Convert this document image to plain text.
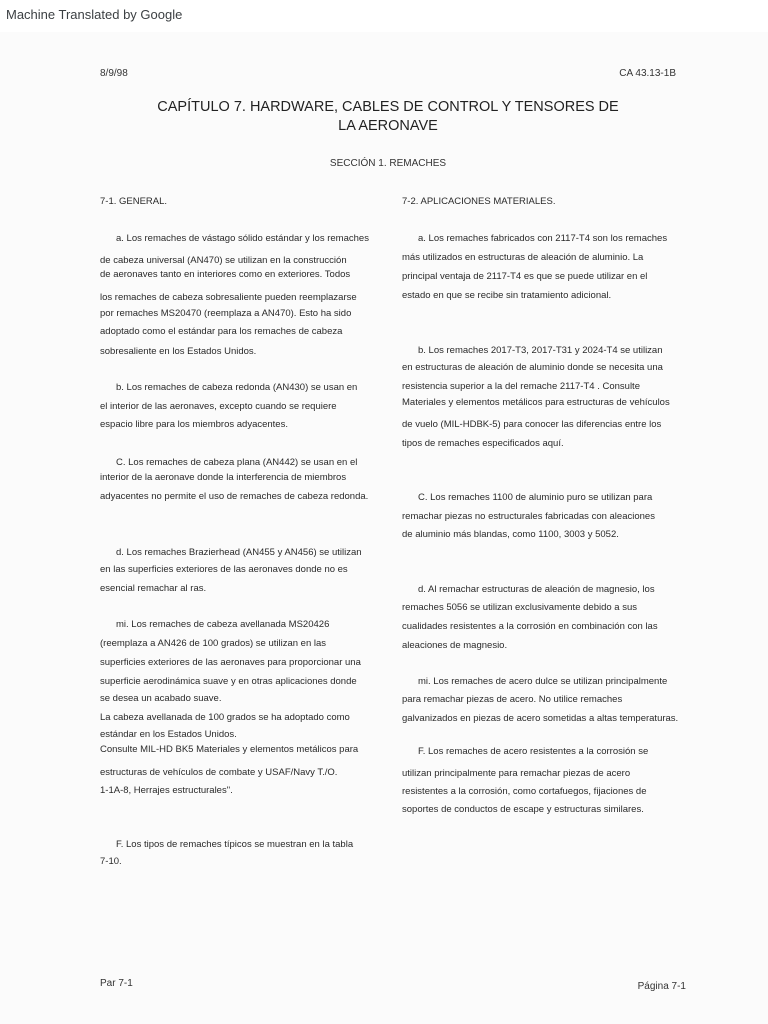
Machine Translated by Google
8/9/98	CA 43.13-1B
CAPÍTULO 7. HARDWARE, CABLES DE CONTROL Y TENSORES DE
LA AERONAVE
SECCIÓN 1. REMACHES
7-1. GENERAL.
a. Los remaches de vástago sólido estándar y los remaches
de cabeza universal (AN470) se utilizan en la construcción
de aeronaves tanto en interiores como en exteriores. Todos
los remaches de cabeza sobresaliente pueden reemplazarse
por remaches MS20470 (reemplaza a AN470). Esto ha sido
adoptado como el estándar para los remaches de cabeza
sobresaliente en los Estados Unidos.
b. Los remaches de cabeza redonda (AN430) se usan en
el interior de las aeronaves, excepto cuando se requiere
espacio libre para los miembros adyacentes.
C. Los remaches de cabeza plana (AN442) se usan en el
interior de la aeronave donde la interferencia de miembros
adyacentes no permite el uso de remaches de cabeza redonda.
d. Los remaches Brazierhead (AN455 y AN456) se utilizan
en las superficies exteriores de las aeronaves donde no es
esencial remachar al ras.
mi. Los remaches de cabeza avellanada MS20426
(reemplaza a AN426 de 100 grados) se utilizan en las
superficies exteriores de las aeronaves para proporcionar una
superficie aerodinámica suave y en otras aplicaciones donde
se desea un acabado suave.
La cabeza avellanada de 100 grados se ha adoptado como
estándar en los Estados Unidos.
Consulte MIL-HD BK5 Materiales y elementos metálicos para
estructuras de vehículos de combate y USAF/Navy T./O.
1-1A-8, Herrajes estructurales".
F. Los tipos de remaches típicos se muestran en la tabla
7-10.
7-2. APLICACIONES MATERIALES.
a. Los remaches fabricados con 2117-T4 son los remaches
más utilizados en estructuras de aleación de aluminio. La
principal ventaja de 2117-T4 es que se puede utilizar en el
estado en que se recibe sin tratamiento adicional.
b. Los remaches 2017-T3, 2017-T31 y 2024-T4 se utilizan
en estructuras de aleación de aluminio donde se necesita una
resistencia superior a la del remache 2117-T4 . Consulte
Materiales y elementos metálicos para estructuras de vehículos
de vuelo (MIL-HDBK-5) para conocer las diferencias entre los
tipos de remaches especificados aquí.
C. Los remaches 1100 de aluminio puro se utilizan para
remachar piezas no estructurales fabricadas con aleaciones
de aluminio más blandas, como 1100, 3003 y 5052.
d. Al remachar estructuras de aleación de magnesio, los
remaches 5056 se utilizan exclusivamente debido a sus
cualidades resistentes a la corrosión en combinación con las
aleaciones de magnesio.
mi. Los remaches de acero dulce se utilizan principalmente
para remachar piezas de acero. No utilice remaches
galvanizados en piezas de acero sometidas a altas temperaturas.
F. Los remaches de acero resistentes a la corrosión se
utilizan principalmente para remachar piezas de acero
resistentes a la corrosión, como cortafuegos, fijaciones de
soportes de conductos de escape y estructuras similares.
Par 7-1	Página 7-1
